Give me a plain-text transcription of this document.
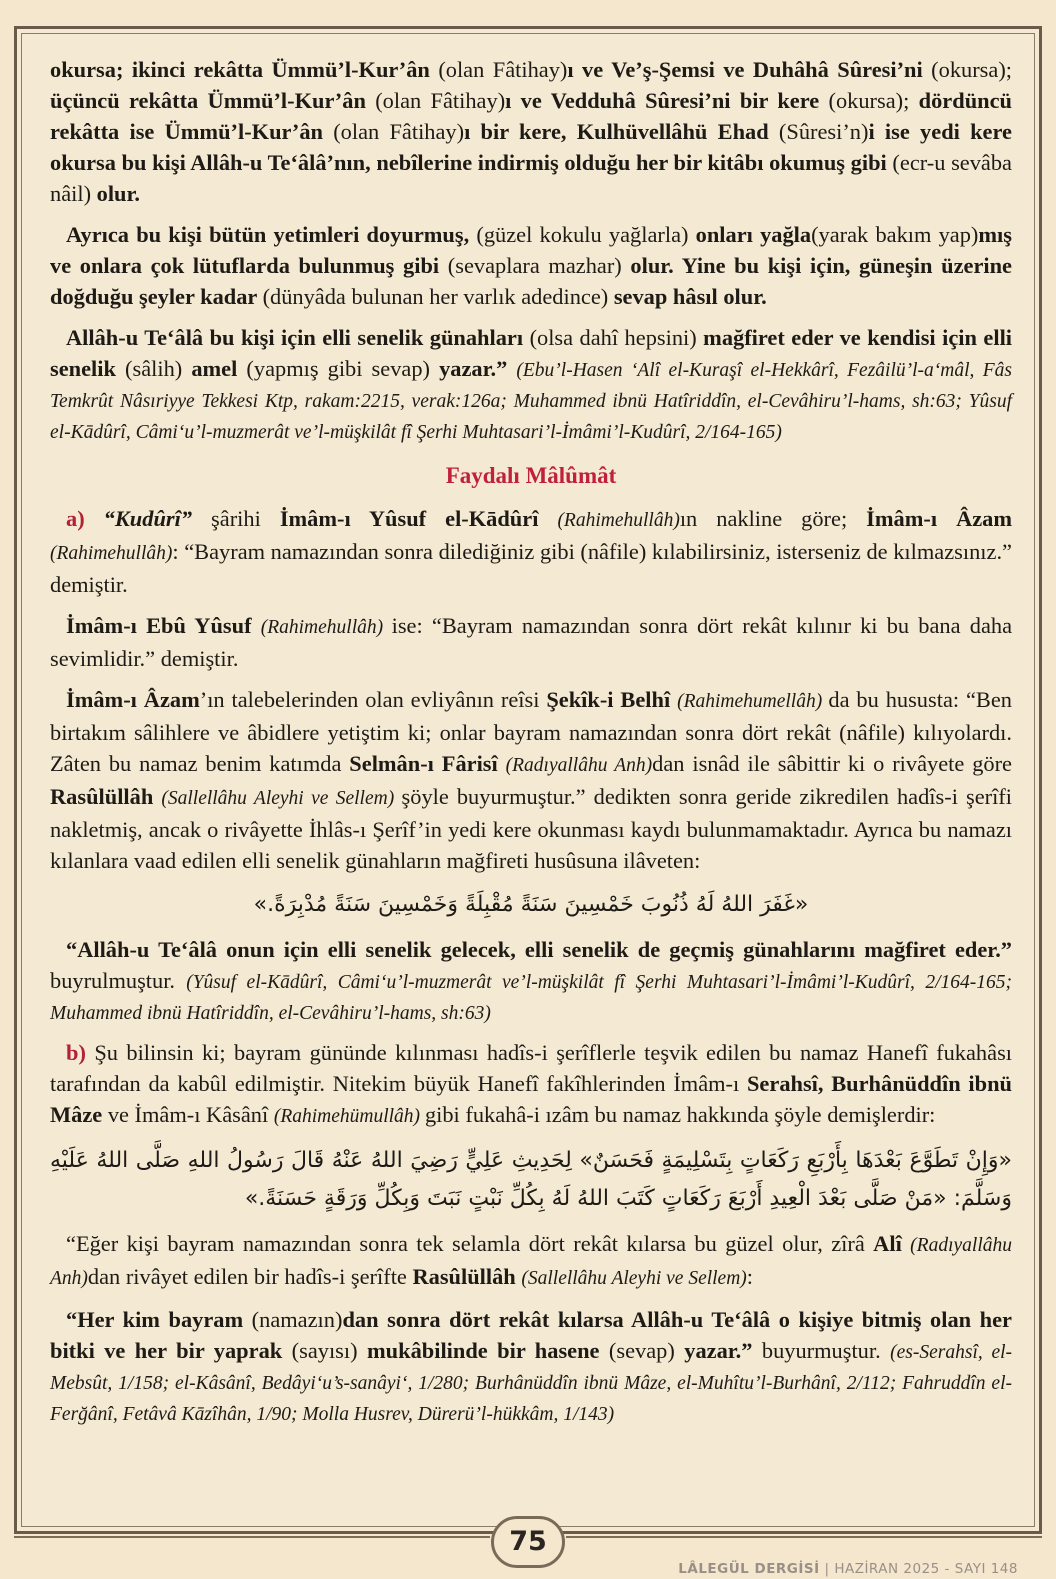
okursa; ikinci rekâtta Ümmü’l-Kur’ân (olan Fâtihay)ı ve Ve’ş-Şemsi ve Duhâhâ Sûresi’ni (okursa); üçüncü rekâtta Ümmü’l-Kur’ân (olan Fâtihay)ı ve Vedduhâ Sûresi’ni bir kere (okursa); dördüncü rekâtta ise Ümmü’l-Kur’ân (olan Fâtihay)ı bir kere, Kulhüvellâhü Ehad (Sûresi’n)i ise yedi kere okursa bu kişi Allâh-u Te‘âlâ’nın, nebîlerine indirmiş olduğu her bir kitâbı okumuş gibi (ecr-u sevâba nâil) olur.

Ayrıca bu kişi bütün yetimleri doyurmuş, (güzel kokulu yağlarla) onları yağla(yarak bakım yap)mış ve onlara çok lütuflarda bulunmuş gibi (sevaplara mazhar) olur. Yine bu kişi için, güneşin üzerine doğduğu şeyler kadar (dünyâda bulunan her varlık adedince) sevap hâsıl olur.

Allâh-u Te‘âlâ bu kişi için elli senelik günahları (olsa dahî hepsini) mağfiret eder ve kendisi için elli senelik (sâlih) amel (yapmış gibi sevap) yazar.” (Ebu’l-Hasen ‘Alî el-Kuraşî el-Hekkârî, Fezâilü’l-a‘mâl, Fâs Temkrût Nâsıriyye Tekkesi Ktp, rakam:2215, verak:126a; Muhammed ibnü Hatîriddîn, el-Cevâhiru’l-hams, sh:63; Yûsuf el-Kādûrî, Câmi‘u’l-muzmerât ve’l-müşkilât fî Şerhi Muhtasari’l-İmâmi’l-Kudûrî, 2/164-165)

Faydalı Mâlûmât

a) “Kudûrî” şârihi İmâm-ı Yûsuf el-Kādûrî (Rahimehullâh)ın nakline göre; İmâm-ı Âzam (Rahimehullâh): “Bayram namazından sonra dilediğiniz gibi (nâfile) kılabilirsiniz, isterseniz de kılmazsınız.” demiştir.

İmâm-ı Ebû Yûsuf (Rahimehullâh) ise: “Bayram namazından sonra dört rekât kılınır ki bu bana daha sevimlidir.” demiştir.

İmâm-ı Âzam’ın talebelerinden olan evliyânın reîsi Şekîk-i Belhî (Rahimehumellâh) da bu hususta: “Ben birtakım sâlihlere ve âbidlere yetiştim ki; onlar bayram namazından sonra dört rekât (nâfile) kılıyolardı. Zâten bu namaz benim katımda Selmân-ı Fârisî (Radıyallâhu Anh)dan isnâd ile sâbittir ki o rivâyete göre Rasûlüllâh (Sallellâhu Aleyhi ve Sellem) şöyle buyurmuştur.” dedikten sonra geride zikredilen hadîs-i şerîfi nakletmiş, ancak o rivâyette İhlâs-ı Şerîf’in yedi kere okunması kaydı bulunmamaktadır. Ayrıca bu namazı kılanlara vaad edilen elli senelik günahların mağfireti husûsuna ilâveten:

«غَفَرَ اللهُ لَهُ ذُنُوبَ خَمْسِينَ سَنَةً مُقْبِلَةً وَخَمْسِينَ سَنَةً مُدْبِرَةً.»

“Allâh-u Te‘âlâ onun için elli senelik gelecek, elli senelik de geçmiş günahlarını mağfiret eder.” buyrulmuştur. (Yûsuf el-Kādûrî, Câmi‘u’l-muzmerât ve’l-müşkilât fî Şerhi Muhtasari’l-İmâmi’l-Kudûrî, 2/164-165; Muhammed ibnü Hatîriddîn, el-Cevâhiru’l-hams, sh:63)

b) Şu bilinsin ki; bayram gününde kılınması hadîs-i şerîflerle teşvik edilen bu namaz Hanefî fukahâsı tarafından da kabûl edilmiştir. Nitekim büyük Hanefî fakîhlerinden İmâm-ı Serahsî, Burhânüddîn ibnü Mâze ve İmâm-ı Kâsânî (Rahimehümullâh) gibi fukahâ-i ızâm bu namaz hakkında şöyle demişlerdir:

«وَإِنْ تَطَوَّعَ بَعْدَهَا بِأَرْبَعِ رَكَعَاتٍ بِتَسْلِيمَةٍ فَحَسَنٌ» لِحَدِيثِ عَلِيٍّ رَضِيَ اللهُ عَنْهُ قَالَ رَسُولُ اللهِ صَلَّى اللهُ عَلَيْهِ وَسَلَّمَ: «مَنْ صَلَّى بَعْدَ الْعِيدِ أَرْبَعَ رَكَعَاتٍ كَتَبَ اللهُ لَهُ بِكُلِّ نَبْتٍ نَبَتَ وَبِكُلِّ وَرَقَةٍ حَسَنَةً.»

“Eğer kişi bayram namazından sonra tek selamla dört rekât kılarsa bu güzel olur, zîrâ Alî (Radıyallâhu Anh)dan rivâyet edilen bir hadîs-i şerîfte Rasûlüllâh (Sallellâhu Aleyhi ve Sellem):

“Her kim bayram (namazın)dan sonra dört rekât kılarsa Allâh-u Te‘âlâ o kişiye bitmiş olan her bitki ve her bir yaprak (sayısı) mukâbilinde bir hasene (sevap) yazar.” buyurmuştur. (es-Serahsî, el-Mebsût, 1/158; el-Kâsânî, Bedâyi‘u’s-sanâyi‘, 1/280; Burhânüddîn ibnü Mâze, el-Muhîtu’l-Burhânî, 2/112; Fahruddîn el-Ferğânî, Fetâvâ Kāzîhân, 1/90; Molla Husrev, Dürerü’l-hükkâm, 1/143)

75
LÂLEGÜL DERGİSİ | HAZİRAN 2025 - SAYI 148
